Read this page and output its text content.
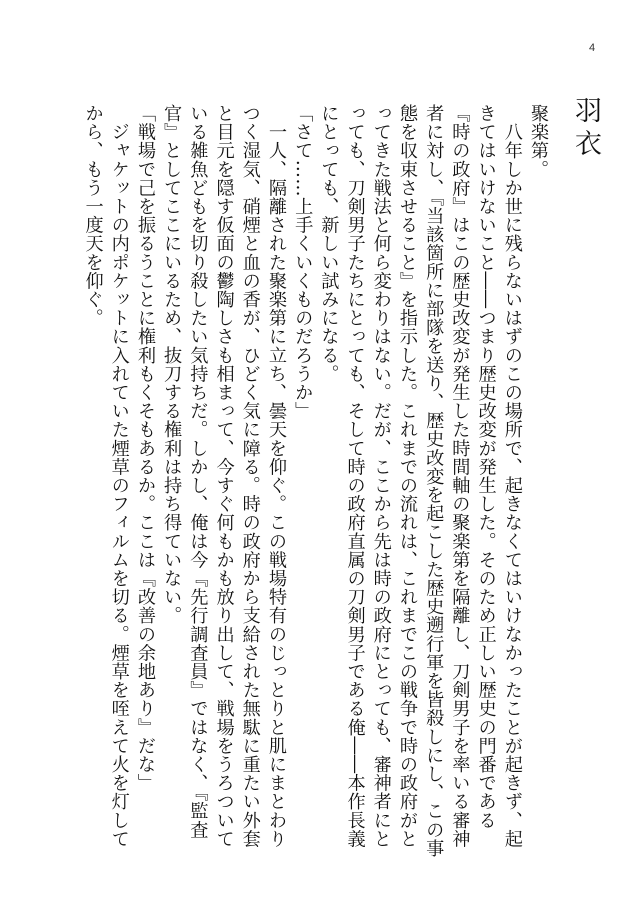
4
羽衣

聚楽第。

　八年しか世に残らないはずのこの場所で、起きなくてはいけなかったことが起きず、起きてはいけないこと――つまり歴史改変が発生した。そのため正しい歴史の門番である『時の政府』はこの歴史改変が発生した時間軸の聚楽第を隔離し、刀剣男子を率いる審神者に対し、『当該箇所に部隊を送り、歴史改変を起こした歴史遡行軍を皆殺しにし、この事態を収束させること』を指示した。これまでの流れは、これまでこの戦争で時の政府がとってきた戦法と何ら変わりはない。だが、ここから先は時の政府にとっても、審神者にとっても、刀剣男子たちにとっても、そして時の政府直属の刀剣男子である俺――本作長義にとっても、新しい試みになる。

「さて……上手くいくものだろうか」

　一人、隔離された聚楽第に立ち、曇天を仰ぐ。この戦場特有のじっとりと肌にまとわりつく湿気、硝煙と血の香が、ひどく気に障る。時の政府から支給された無駄に重たい外套と目元を隠す仮面の鬱陶しさも相まって、今すぐ何もかも放り出して、戦場をうろついている雑魚どもを切り殺したい気持ちだ。しかし、俺は今『先行調査員』ではなく、『監査官』としてここにいるため、抜刀する権利は持ち得ていない。

「戦場で己を振るうことに権利もくそもあるか。ここは『改善の余地あり』だな」

　ジャケットの内ポケットに入れていた煙草のフィルムを切る。煙草を咥えて火を灯してから、もう一度天を仰ぐ。
